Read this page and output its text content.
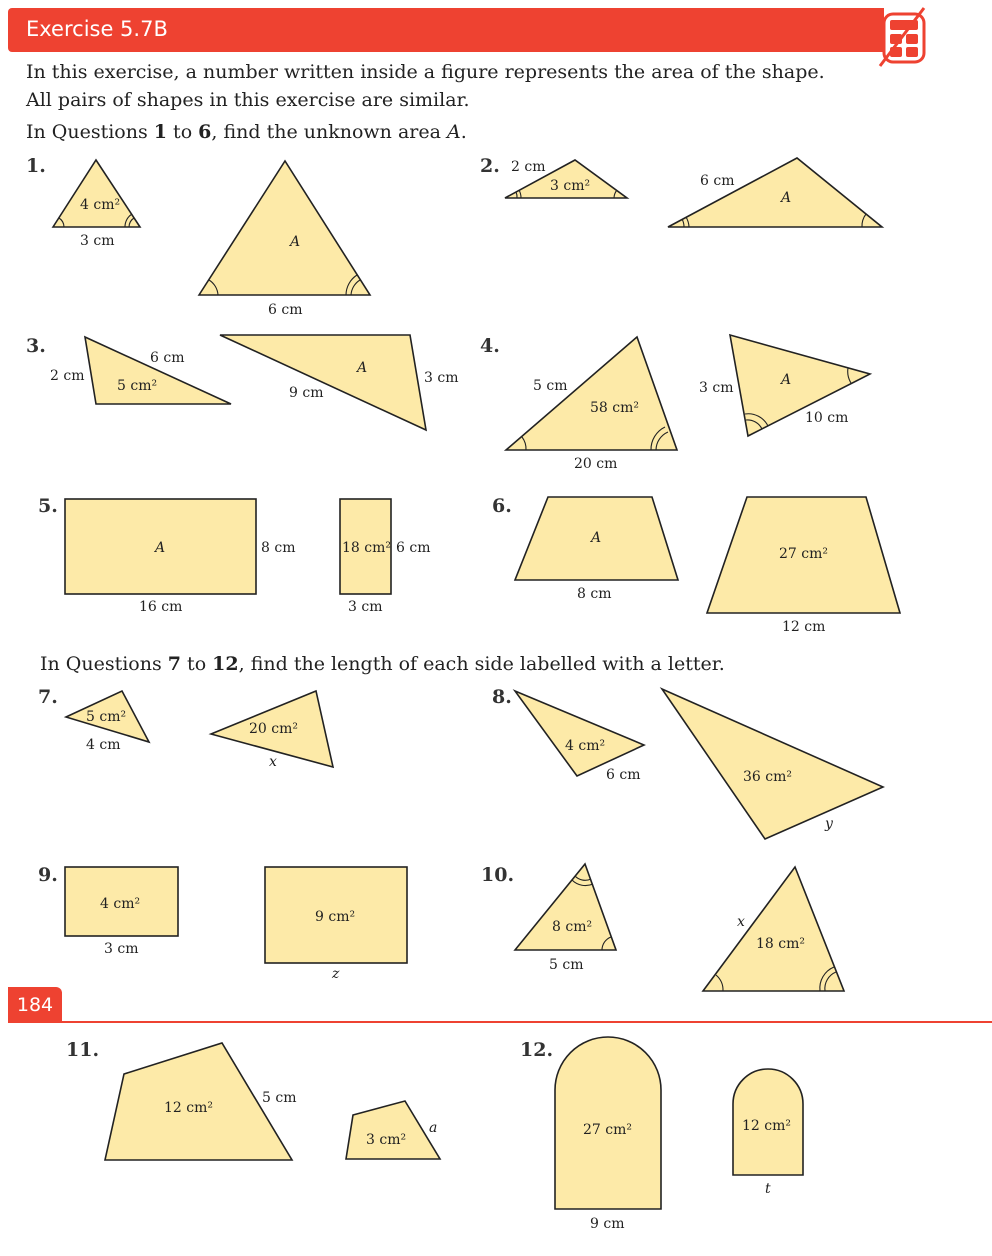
Exercise 5.7B
In this exercise, a number written inside a figure represents the area of the shape.
All pairs of shapes in this exercise are similar.
In Questions 1 to 6, find the unknown area A.
In Questions 7 to 12, find the length of each side labelled with a letter.
1.
4 cm²
3 cm	A
6 cm
2. 2 cm
3 cm²	6 cm
A
3.
2 cm
6 cm
5 cm²	9 cm
A
3 cm
4.
5 cm
58 cm²
20 cm
3 cm	A
10 cm
5.
A	8 cm
16 cm
18 cm² 6 cm
3 cm
6.
A
8 cm
27 cm²
12 cm
7.
5 cm²
4 cm
20 cm²
x
8.
4 cm²
6 cm	36 cm²
y
9.
4 cm²
3 cm
9 cm²
z
10.
8 cm²
5 cm
x
18 cm²
11.
12 cm²
5 cm
3 cm²
a
12.
27 cm²
9 cm
12 cm²
t
184
